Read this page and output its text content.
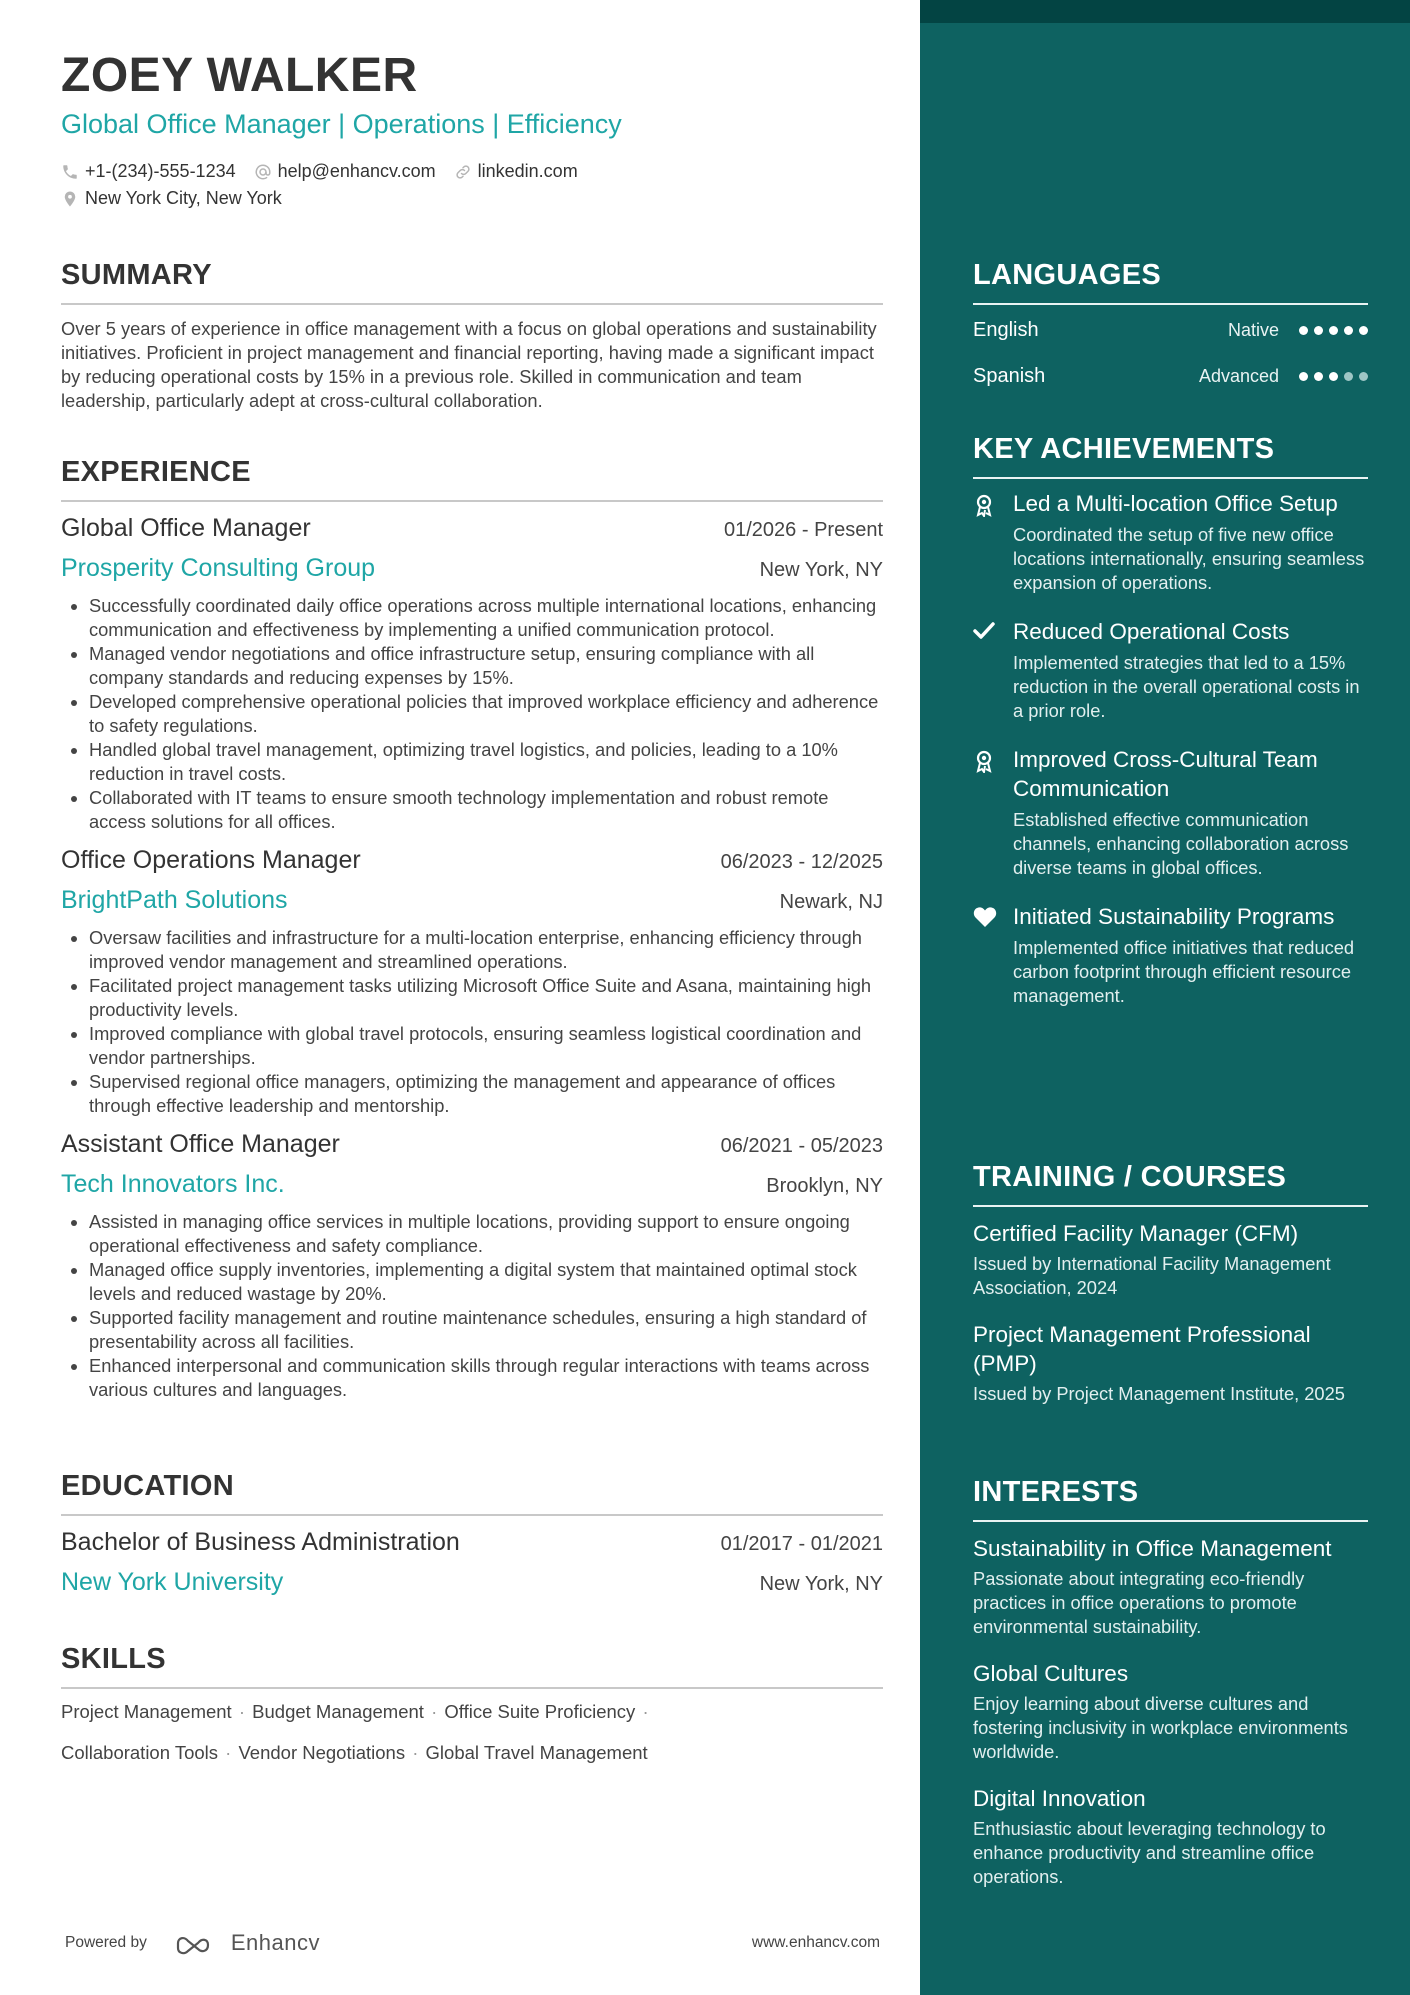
ZOEY WALKER
Global Office Manager | Operations | Efficiency
+1-(234)-555-1234 help@enhancv.com linkedin.com
New York City, New York
SUMMARY
Over 5 years of experience in office management with a focus on global operations and sustainability initiatives. Proficient in project management and financial reporting, having made a significant impact by reducing operational costs by 15% in a previous role. Skilled in communication and team leadership, particularly adept at cross-cultural collaboration.
EXPERIENCE
Global Office Manager	01/2026 - Present
Prosperity Consulting Group	New York, NY
• Successfully coordinated daily office operations across multiple international locations, enhancing communication and effectiveness by implementing a unified communication protocol.
• Managed vendor negotiations and office infrastructure setup, ensuring compliance with all company standards and reducing expenses by 15%.
• Developed comprehensive operational policies that improved workplace efficiency and adherence to safety regulations.
• Handled global travel management, optimizing travel logistics, and policies, leading to a 10% reduction in travel costs.
• Collaborated with IT teams to ensure smooth technology implementation and robust remote access solutions for all offices.
Office Operations Manager	06/2023 - 12/2025
BrightPath Solutions	Newark, NJ
• Oversaw facilities and infrastructure for a multi-location enterprise, enhancing efficiency through improved vendor management and streamlined operations.
• Facilitated project management tasks utilizing Microsoft Office Suite and Asana, maintaining high productivity levels.
• Improved compliance with global travel protocols, ensuring seamless logistical coordination and vendor partnerships.
• Supervised regional office managers, optimizing the management and appearance of offices through effective leadership and mentorship.
Assistant Office Manager	06/2021 - 05/2023
Tech Innovators Inc.	Brooklyn, NY
• Assisted in managing office services in multiple locations, providing support to ensure ongoing operational effectiveness and safety compliance.
• Managed office supply inventories, implementing a digital system that maintained optimal stock levels and reduced wastage by 20%.
• Supported facility management and routine maintenance schedules, ensuring a high standard of presentability across all facilities.
• Enhanced interpersonal and communication skills through regular interactions with teams across various cultures and languages.
EDUCATION
Bachelor of Business Administration	01/2017 - 01/2021
New York University	New York, NY
SKILLS
Project Management · Budget Management · Office Suite Proficiency ·
Collaboration Tools · Vendor Negotiations · Global Travel Management
Powered by	Enhancv	www.enhancv.com
LANGUAGES
English	Native
Spanish	Advanced
KEY ACHIEVEMENTS
Led a Multi-location Office Setup
Coordinated the setup of five new office locations internationally, ensuring seamless expansion of operations.
Reduced Operational Costs
Implemented strategies that led to a 15% reduction in the overall operational costs in a prior role.
Improved Cross-Cultural Team Communication
Established effective communication channels, enhancing collaboration across diverse teams in global offices.
Initiated Sustainability Programs
Implemented office initiatives that reduced carbon footprint through efficient resource management.
TRAINING / COURSES
Certified Facility Manager (CFM)
Issued by International Facility Management Association, 2024
Project Management Professional (PMP)
Issued by Project Management Institute, 2025
INTERESTS
Sustainability in Office Management
Passionate about integrating eco-friendly practices in office operations to promote environmental sustainability.
Global Cultures
Enjoy learning about diverse cultures and fostering inclusivity in workplace environments worldwide.
Digital Innovation
Enthusiastic about leveraging technology to enhance productivity and streamline office operations.
